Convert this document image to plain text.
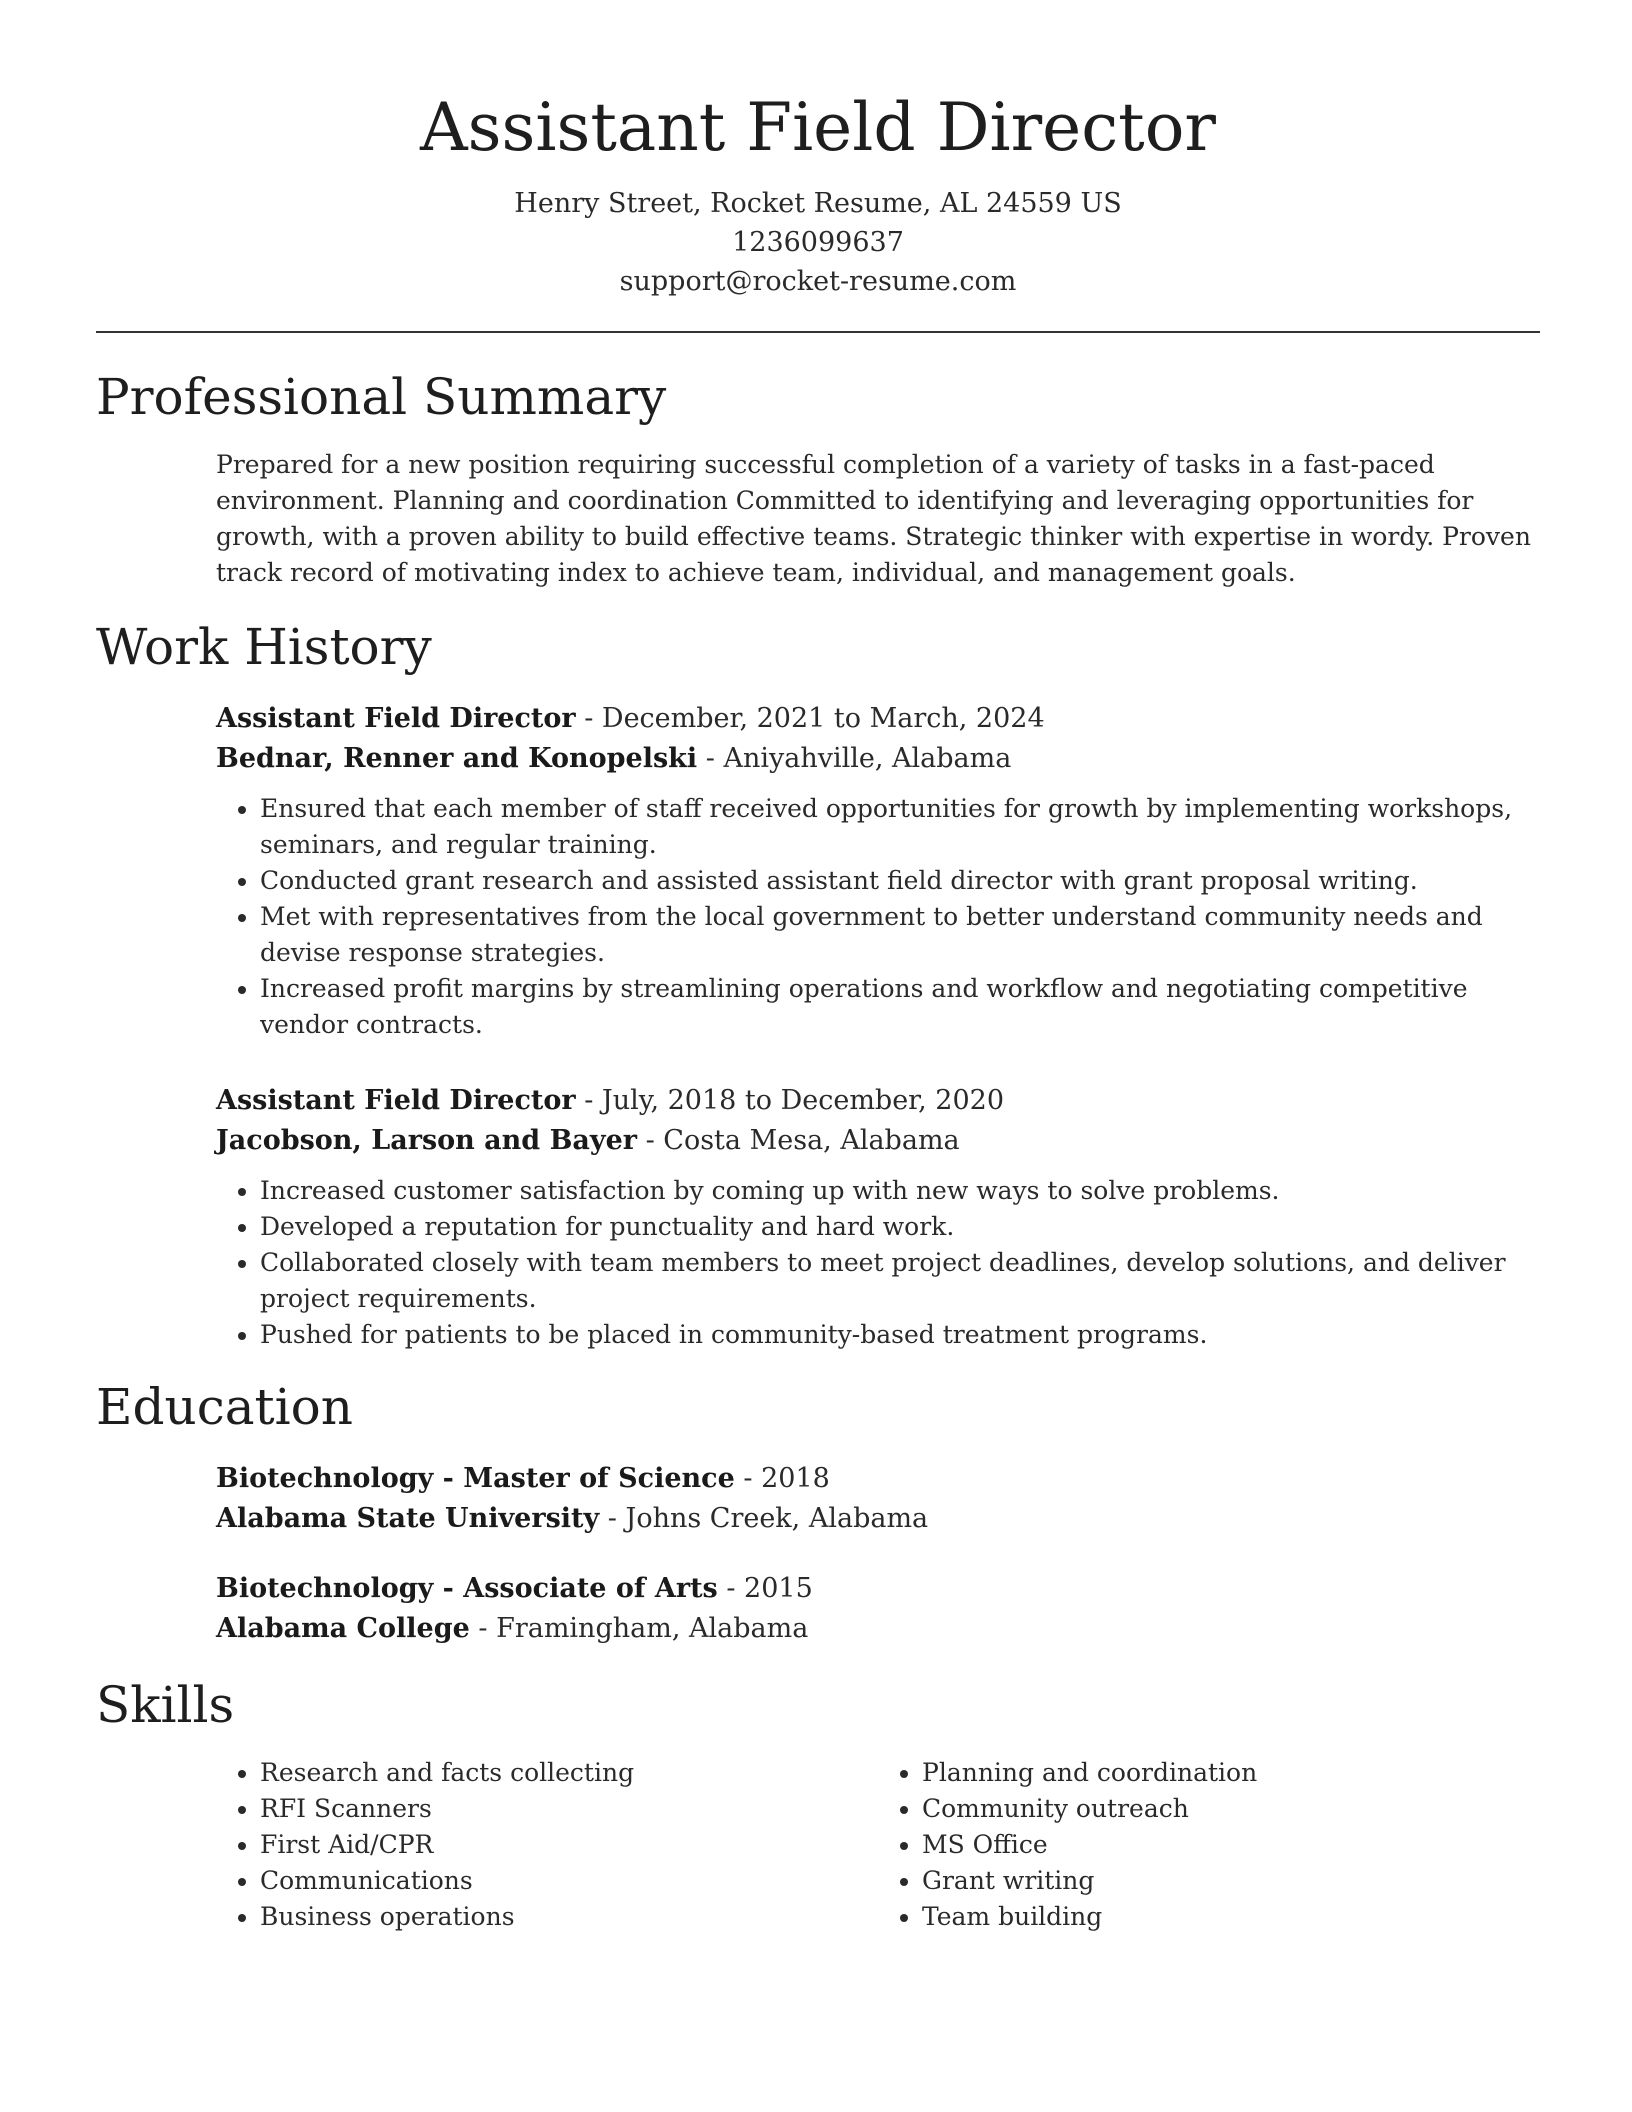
Assistant Field Director
Henry Street, Rocket Resume, AL 24559 US
1236099637
support@rocket-resume.com
Professional Summary
Prepared for a new position requiring successful completion of a variety of tasks in a fast-paced environment. Planning and coordination Committed to identifying and leveraging opportunities for growth, with a proven ability to build effective teams. Strategic thinker with expertise in wordy. Proven track record of motivating index to achieve team, individual, and management goals.
Work History
Assistant Field Director - December, 2021 to March, 2024
Bednar, Renner and Konopelski - Aniyahville, Alabama
• Ensured that each member of staff received opportunities for growth by implementing workshops, seminars, and regular training.
• Conducted grant research and assisted assistant field director with grant proposal writing.
• Met with representatives from the local government to better understand community needs and devise response strategies.
• Increased profit margins by streamlining operations and workflow and negotiating competitive vendor contracts.
Assistant Field Director - July, 2018 to December, 2020
Jacobson, Larson and Bayer - Costa Mesa, Alabama
• Increased customer satisfaction by coming up with new ways to solve problems.
• Developed a reputation for punctuality and hard work.
• Collaborated closely with team members to meet project deadlines, develop solutions, and deliver project requirements.
• Pushed for patients to be placed in community-based treatment programs.
Education
Biotechnology - Master of Science - 2018
Alabama State University - Johns Creek, Alabama
Biotechnology - Associate of Arts - 2015
Alabama College - Framingham, Alabama
Skills
• Research and facts collecting
• RFI Scanners
• First Aid/CPR
• Communications
• Business operations
• Planning and coordination
• Community outreach
• MS Office
• Grant writing
• Team building
